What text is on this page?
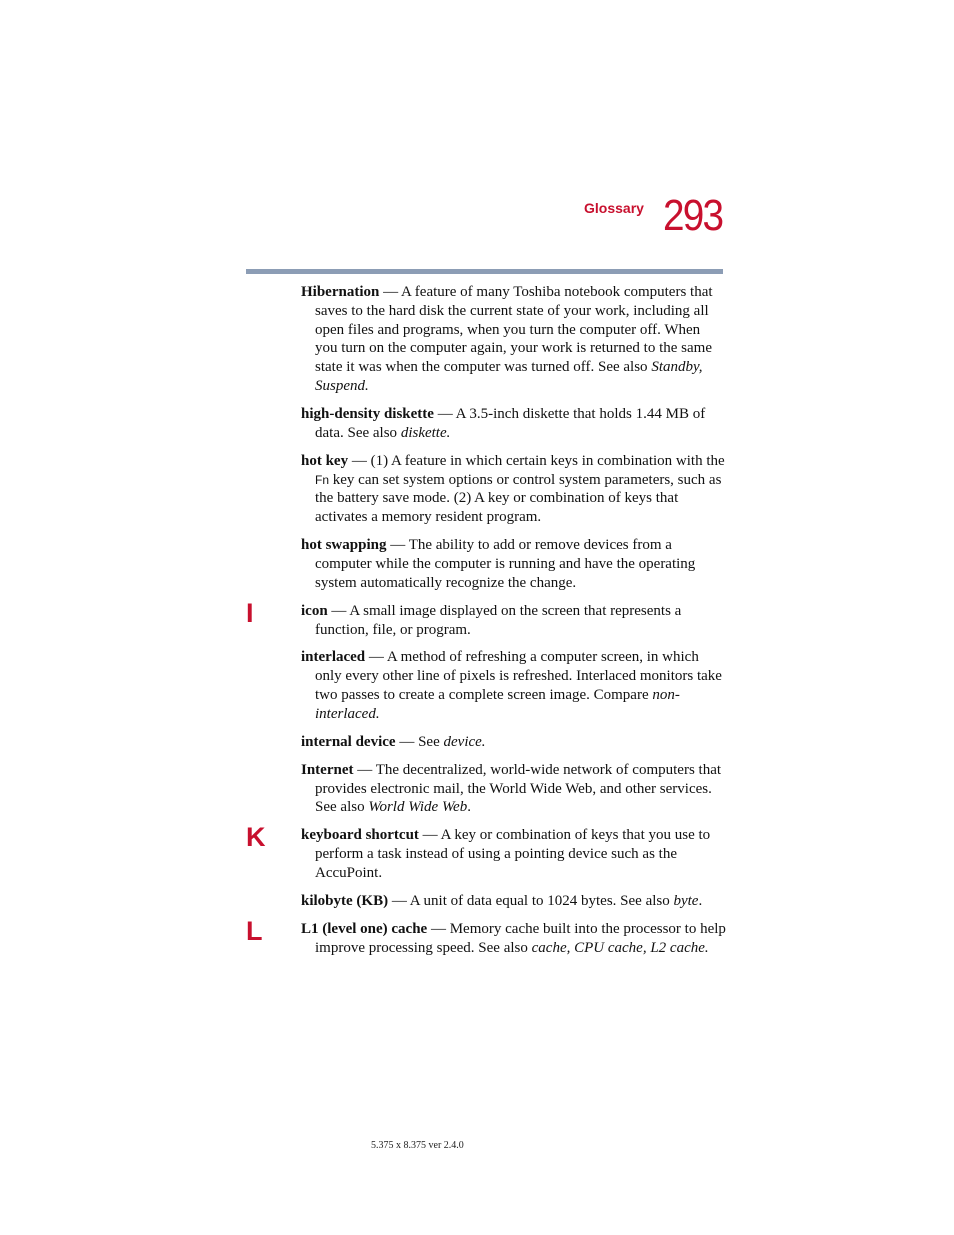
Glossary 293

Hibernation — A feature of many Toshiba notebook computers that saves to the hard disk the current state of your work, including all open files and programs, when you turn the computer off. When you turn on the computer again, your work is returned to the same state it was when the computer was turned off. See also Standby, Suspend.

high-density diskette — A 3.5-inch diskette that holds 1.44 MB of data. See also diskette.

hot key — (1) A feature in which certain keys in combination with the Fn key can set system options or control system parameters, such as the battery save mode. (2) A key or combination of keys that activates a memory resident program.

hot swapping — The ability to add or remove devices from a computer while the computer is running and have the operating system automatically recognize the change.

I	icon — A small image displayed on the screen that represents a function, file, or program.

interlaced — A method of refreshing a computer screen, in which only every other line of pixels is refreshed. Interlaced monitors take two passes to create a complete screen image. Compare non-interlaced.

internal device — See device.

Internet — The decentralized, world-wide network of computers that provides electronic mail, the World Wide Web, and other services. See also World Wide Web.

K keyboard shortcut — A key or combination of keys that you use to perform a task instead of using a pointing device such as the AccuPoint.

kilobyte (KB) — A unit of data equal to 1024 bytes. See also byte.

L	L1 (level one) cache — Memory cache built into the processor to help improve processing speed. See also cache, CPU cache, L2 cache.

5.375 x 8.375 ver 2.4.0
